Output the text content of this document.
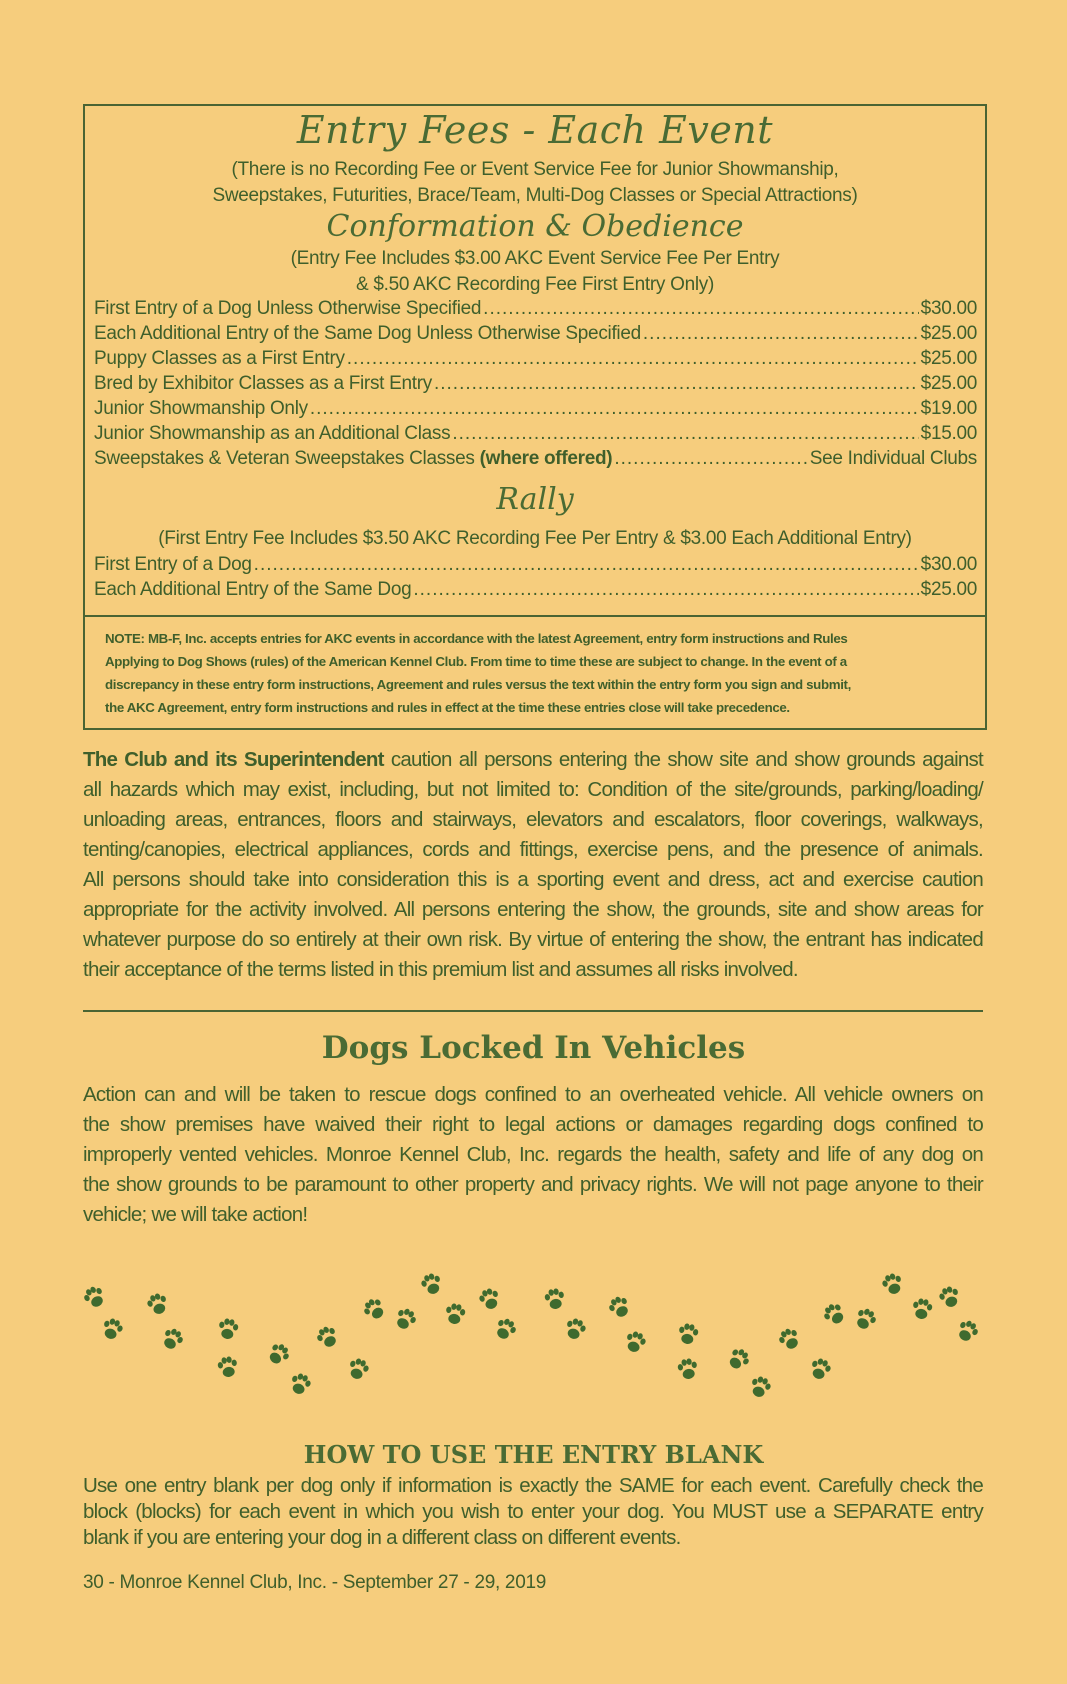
Entry Fees - Each Event
(There is no Recording Fee or Event Service Fee for Junior Showmanship,
Sweepstakes, Futurities, Brace/Team, Multi-Dog Classes or Special Attractions)
Conformation & Obedience
(Entry Fee Includes $3.00 AKC Event Service Fee Per Entry
& $.50 AKC Recording Fee First Entry Only)
First Entry of a Dog Unless Otherwise Specified .....	$30.00
Each Additional Entry of the Same Dog Unless Otherwise Specified .....	$25.00
Puppy Classes as a First Entry .....	$25.00
Bred by Exhibitor Classes as a First Entry .....	$25.00
Junior Showmanship Only .....	$19.00
Junior Showmanship as an Additional Class .....	$15.00
Sweepstakes & Veteran Sweepstakes Classes (where offered) .....	See Individual Clubs
Rally
(First Entry Fee Includes $3.50 AKC Recording Fee Per Entry & $3.00 Each Additional Entry)
First Entry of a Dog .....	$30.00
Each Additional Entry of the Same Dog .....	$25.00
NOTE: MB-F, Inc. accepts entries for AKC events in accordance with the latest Agreement, entry form instructions and Rules
Applying to Dog Shows (rules) of the American Kennel Club. From time to time these are subject to change. In the event of a
discrepancy in these entry form instructions, Agreement and rules versus the text within the entry form you sign and submit,
the AKC Agreement, entry form instructions and rules in effect at the time these entries close will take precedence.
The Club and its Superintendent caution all persons entering the show site and show grounds against
all hazards which may exist, including, but not limited to: Condition of the site/grounds, parking/loading/
unloading areas, entrances, floors and stairways, elevators and escalators, floor coverings, walkways,
tenting/canopies, electrical appliances, cords and fittings, exercise pens, and the presence of animals.
All persons should take into consideration this is a sporting event and dress, act and exercise caution
appropriate for the activity involved. All persons entering the show, the grounds, site and show areas for
whatever purpose do so entirely at their own risk. By virtue of entering the show, the entrant has indicated
their acceptance of the terms listed in this premium list and assumes all risks involved.
Dogs Locked In Vehicles
Action can and will be taken to rescue dogs confined to an overheated vehicle. All vehicle owners on
the show premises have waived their right to legal actions or damages regarding dogs confined to
improperly vented vehicles. Monroe Kennel Club, Inc. regards the health, safety and life of any dog on
the show grounds to be paramount to other property and privacy rights. We will not page anyone to their
vehicle; we will take action!
HOW TO USE THE ENTRY BLANK
Use one entry blank per dog only if information is exactly the SAME for each event. Carefully check the
block (blocks) for each event in which you wish to enter your dog. You MUST use a SEPARATE entry
blank if you are entering your dog in a different class on different events.
30 - Monroe Kennel Club, Inc. - September 27 - 29, 2019
